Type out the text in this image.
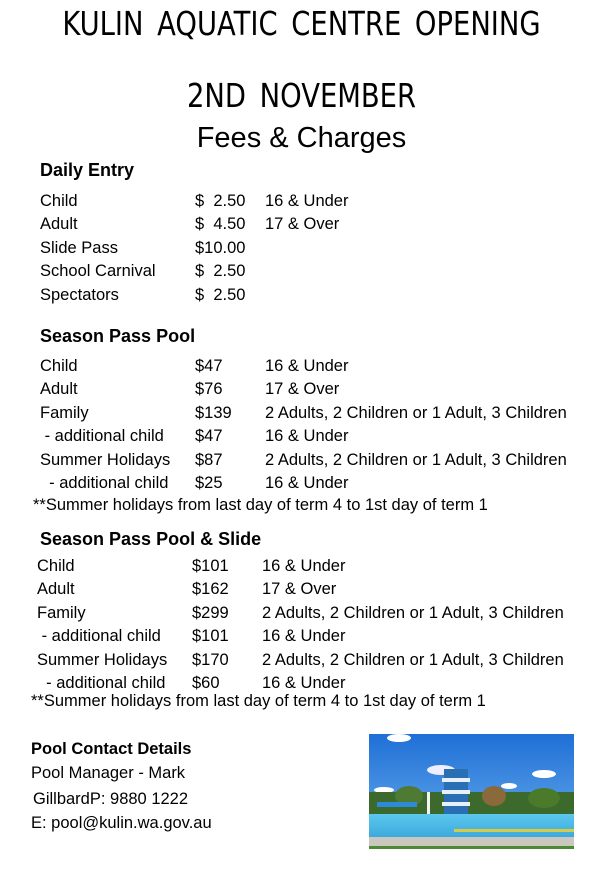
KULIN AQUATIC CENTRE OPENING
2ND NOVEMBER
Fees & Charges
Daily Entry
Child	$  2.50 16 & Under
Adult	$  4.50 17 & Over
Slide Pass	$10.00
School Carnival $  2.50
Spectators	$  2.50
Season Pass Pool
Child	$47	16 & Under
Adult	$76	17 & Over
Family	$139 2 Adults, 2 Children or 1 Adult, 3 Children
- additional child $47	16 & Under
Summer Holidays $87	2 Adults, 2 Children or 1 Adult, 3 Children
- additional child $25	16 & Under
**Summer holidays from last day of term 4 to 1st day of term 1
Season Pass Pool & Slide
Child	$101 16 & Under
Adult	$162 17 & Over
Family	$299 2 Adults, 2 Children or 1 Adult, 3 Children
- additional child $101 16 & Under
Summer Holidays $170 2 Adults, 2 Children or 1 Adult, 3 Children
- additional child $60	16 & Under
**Summer holidays from last day of term 4 to 1st day of term 1
Pool Contact Details
Pool Manager - Mark
GillbardP: 9880 1222
E: pool@kulin.wa.gov.au
